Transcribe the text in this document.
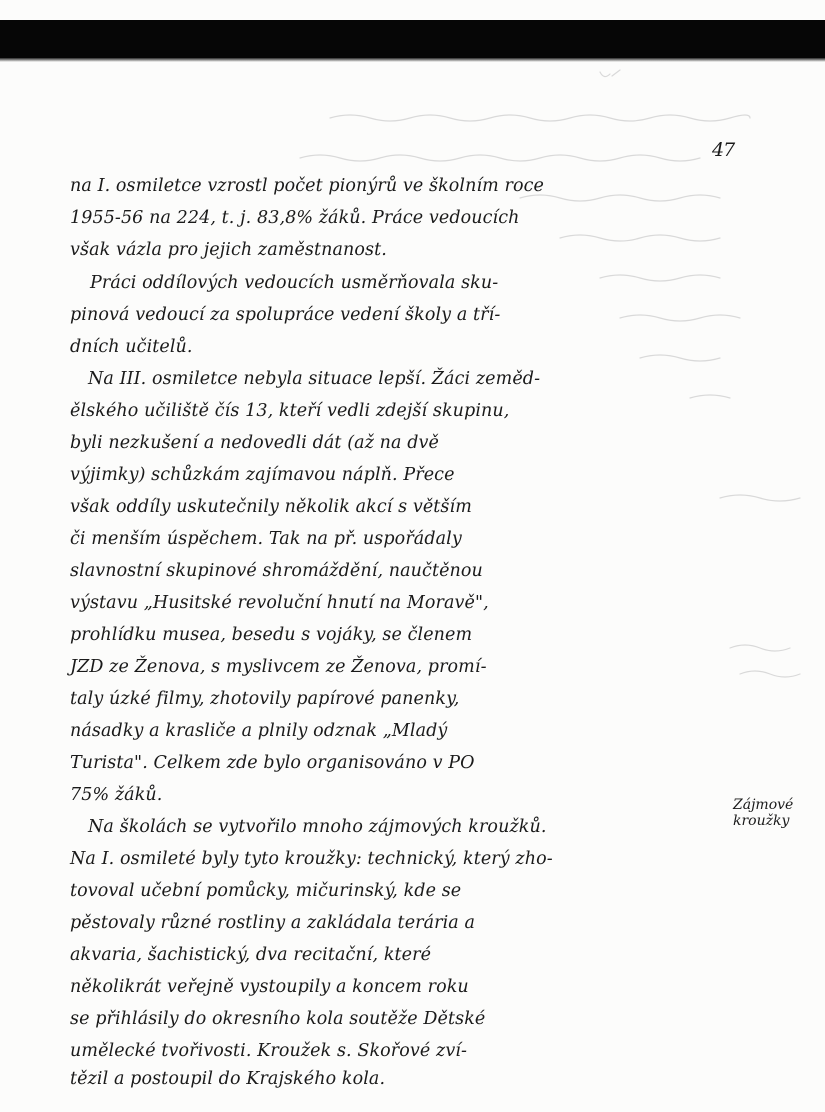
47
na I. osmiletce vzrostl počet pionýrů ve školním roce
1955-56 na 224, t. j. 83,8% žáků. Práce vedoucích
však vázla pro jejich zaměstnanost.
Práci oddílových vedoucích usměrňovala sku-
pinová vedoucí za spolupráce vedení školy a tří-
dních učitelů.
Na III. osmiletce nebyla situace lepší. Žáci zeměd-
ělského učiliště čís 13, kteří vedli zdejší skupinu,
byli nezkušení a nedovedli dát (až na dvě
výjimky) schůzkám zajímavou náplň. Přece
však oddíly uskutečnily několik akcí s větším
či menším úspěchem. Tak na př. uspořádaly
slavnostní skupinové shromáždění, naučtěnou
výstavu „Husitské revoluční hnutí na Moravě",
prohlídku musea, besedu s vojáky, se členem
JZD ze Ženova, s myslivcem ze Ženova, promí-
taly úzké filmy, zhotovily papírové panenky,
násadky a krasliče a plnily odznak „Mladý
Turista". Celkem zde bylo organisováno v PO
75% žáků.
Na školách se vytvořilo mnoho zájmových kroužků.
Na I. osmileté byly tyto kroužky: technický, který zho-
tovoval učební pomůcky, mičurinský, kde se
pěstovaly různé rostliny a zakládala terária a
akvaria, šachistický, dva recitační, které
několikrát veřejně vystoupily a koncem roku
se přihlásily do okresního kola soutěže Dětské
umělecké tvořivosti. Kroužek s. Skořové zví-
tězil a postoupil do Krajského kola.
Zájmové
kroužky
